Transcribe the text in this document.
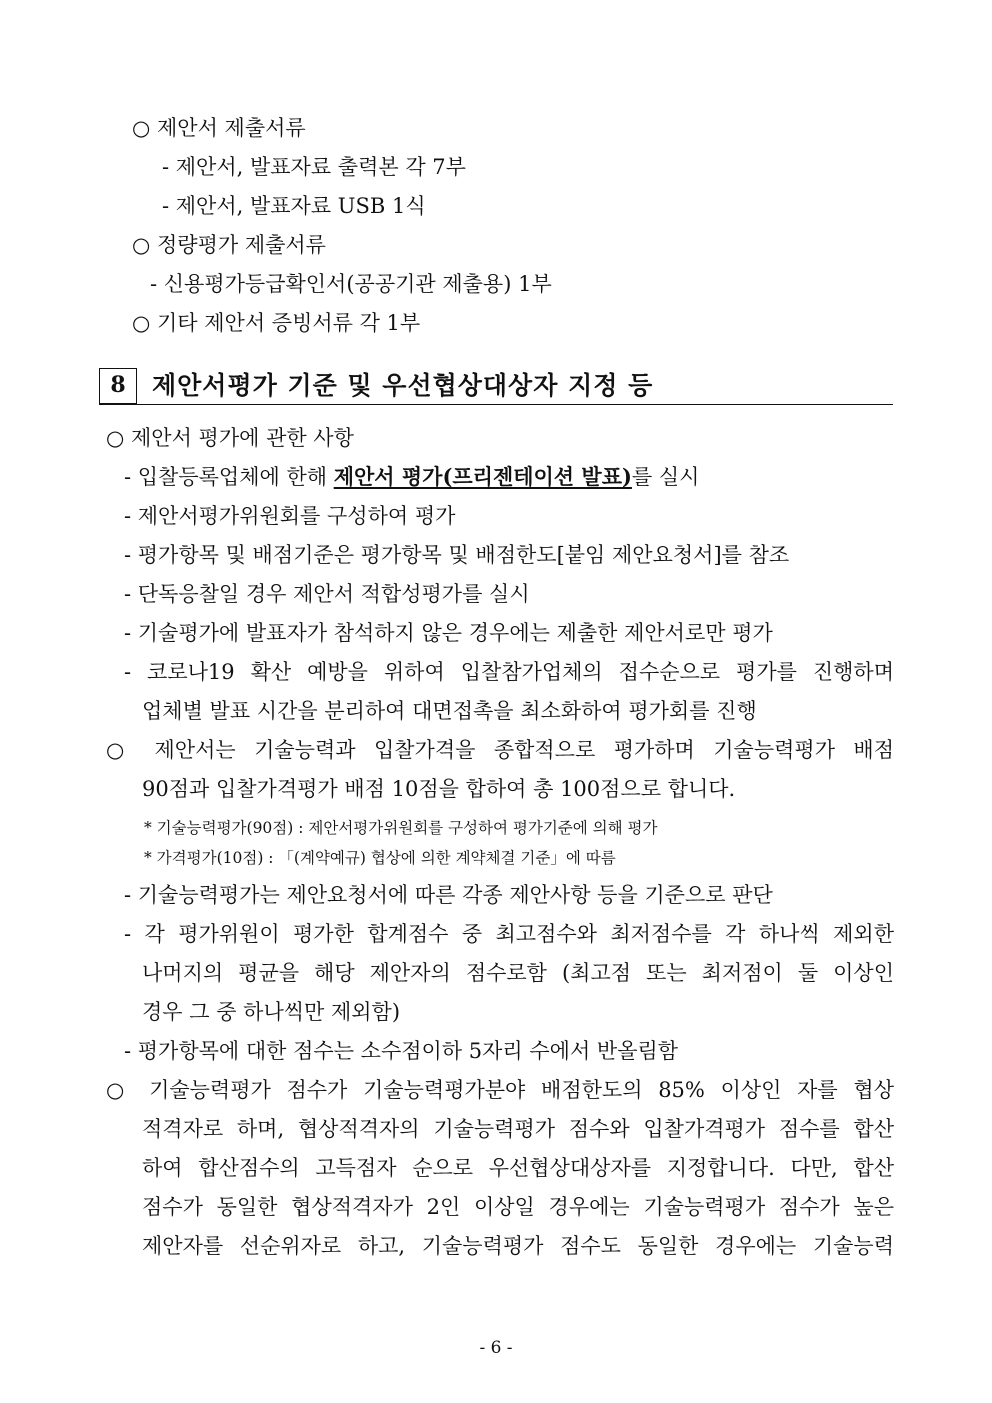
○ 제안서 제출서류
- 제안서, 발표자료 출력본 각 7부
- 제안서, 발표자료 USB 1식
○ 정량평가 제출서류
- 신용평가등급확인서(공공기관 제출용) 1부
○ 기타 제안서 증빙서류 각 1부
8	제안서평가 기준 및 우선협상대상자 지정 등
○ 제안서 평가에 관한 사항
- 입찰등록업체에 한해 제안서 평가(프리젠테이션 발표)를 실시
- 제안서평가위원회를 구성하여 평가
- 평가항목 및 배점기준은 평가항목 및 배점한도[붙임 제안요청서]를 참조
- 단독응찰일 경우 제안서 적합성평가를 실시
- 기술평가에 발표자가 참석하지 않은 경우에는 제출한 제안서로만 평가
- 코로나19 확산 예방을 위하여 입찰참가업체의 접수순으로 평가를 진행하며
업체별 발표 시간을 분리하여 대면접촉을 최소화하여 평가회를 진행
○ 제안서는 기술능력과 입찰가격을 종합적으로 평가하며 기술능력평가 배점
90점과 입찰가격평가 배점 10점을 합하여 총 100점으로 합니다.
* 기술능력평가(90점) : 제안서평가위원회를 구성하여 평가기준에 의해 평가
* 가격평가(10점) : 「(계약예규) 협상에 의한 계약체결 기준」에 따름
- 기술능력평가는 제안요청서에 따른 각종 제안사항 등을 기준으로 판단
- 각 평가위원이 평가한 합계점수 중 최고점수와 최저점수를 각 하나씩 제외한
나머지의 평균을 해당 제안자의 점수로함 (최고점 또는 최저점이 둘 이상인
경우 그 중 하나씩만 제외함)
- 평가항목에 대한 점수는 소수점이하 5자리 수에서 반올림함
○ 기술능력평가 점수가 기술능력평가분야 배점한도의 85% 이상인 자를 협상
적격자로 하며, 협상적격자의 기술능력평가 점수와 입찰가격평가 점수를 합산
하여 합산점수의 고득점자 순으로 우선협상대상자를 지정합니다. 다만, 합산
점수가 동일한 협상적격자가 2인 이상일 경우에는 기술능력평가 점수가 높은
제안자를 선순위자로 하고, 기술능력평가 점수도 동일한 경우에는 기술능력
- 6 -
